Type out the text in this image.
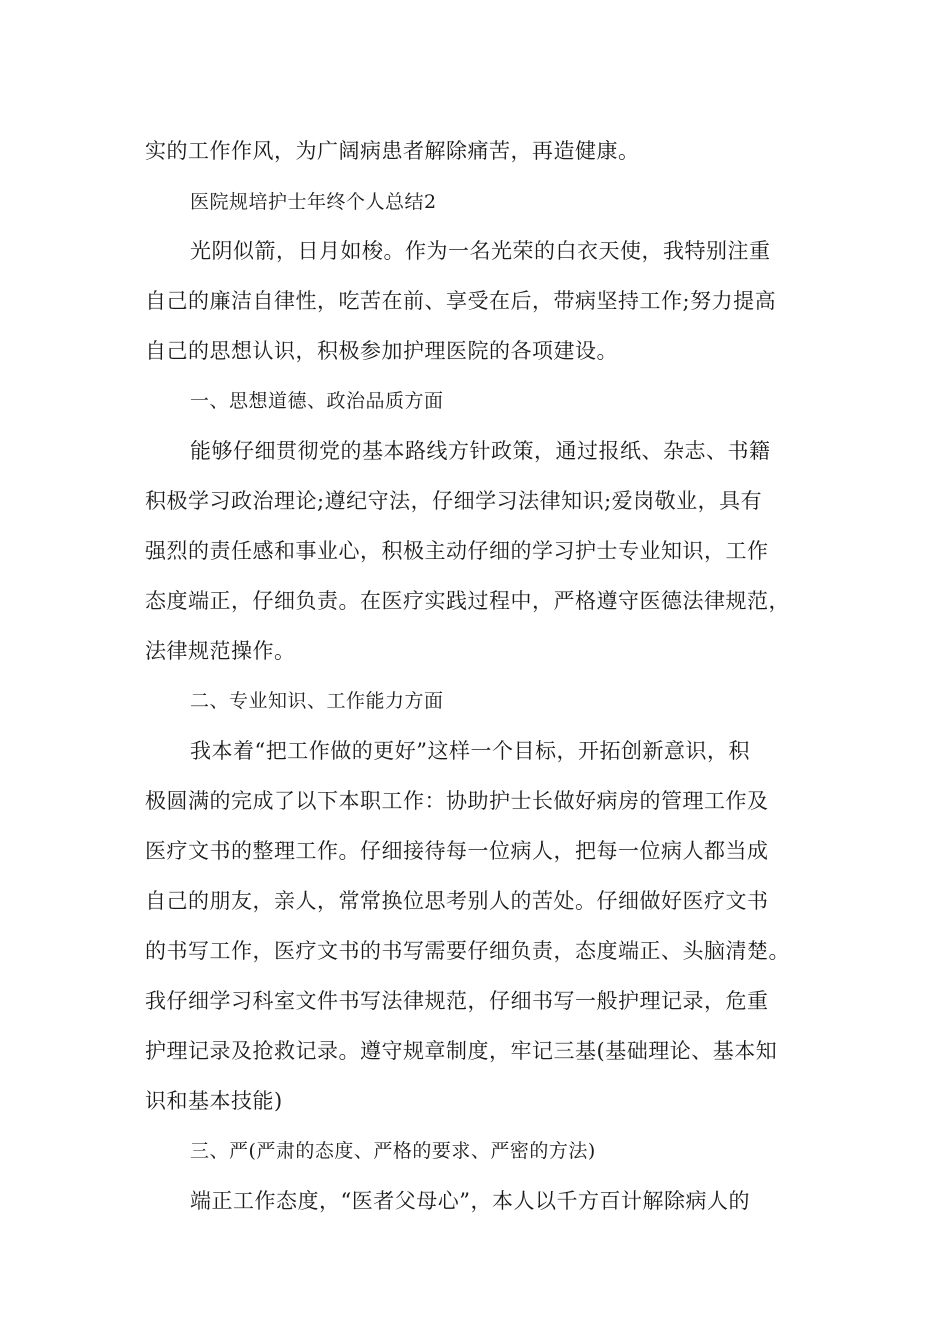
实的工作作风，为广阔病患者解除痛苦，再造健康。
医院规培护士年终个人总结2
光阴似箭，日月如梭。作为一名光荣的白衣天使，我特别注重
自己的廉洁自律性，吃苦在前、享受在后，带病坚持工作;努力提高
自己的思想认识，积极参加护理医院的各项建设。
一、思想道德、政治品质方面
能够仔细贯彻党的基本路线方针政策，通过报纸、杂志、书籍
积极学习政治理论;遵纪守法，仔细学习法律知识;爱岗敬业，具有
强烈的责任感和事业心，积极主动仔细的学习护士专业知识，工作
态度端正，仔细负责。在医疗实践过程中，严格遵守医德法律规范，
法律规范操作。
二、专业知识、工作能力方面
我本着“把工作做的更好”这样一个目标，开拓创新意识，积
极圆满的完成了以下本职工作：协助护士长做好病房的管理工作及
医疗文书的整理工作。仔细接待每一位病人，把每一位病人都当成
自己的朋友，亲人，常常换位思考别人的苦处。仔细做好医疗文书
的书写工作，医疗文书的书写需要仔细负责，态度端正、头脑清楚。
我仔细学习科室文件书写法律规范，仔细书写一般护理记录，危重
护理记录及抢救记录。遵守规章制度，牢记三基(基础理论、基本知
识和基本技能)
三、严(严肃的态度、严格的要求、严密的方法)
端正工作态度，“医者父母心”，本人以千方百计解除病人的
